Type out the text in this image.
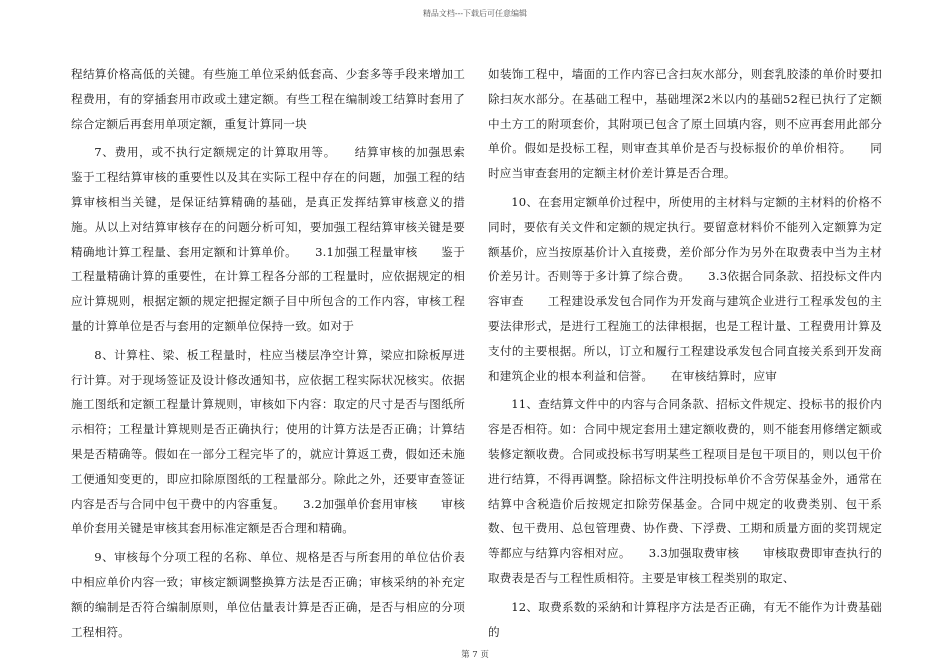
精品文档---下载后可任意编辑

程结算价格高低的关键。有些施工单位采納低套高、少套多等手段来增加工程费用，有的穿插套用市政或土建定额。有些工程在编制竣工结算时套用了综合定额后再套用单项定额，重复计算同一块

7、费用，或不执行定额规定的计算取用等。　　结算审核的加强思索　　鉴于工程结算审核的重要性以及其在实际工程中存在的问题，加强工程的结算审核相当关键，是保证结算精确的基础，是真正发挥结算审核意义的措施。从以上对结算审核存在的问题分析可知，要加强工程结算审核关键是要精确地计算工程量、套用定额和计算单价。　　3.1加强工程量审核　　鉴于工程量精确计算的重要性，在计算工程各分部的工程量时，应依据规定的相应计算规则，根据定额的规定把握定额子目中所包含的工作内容，审核工程量的计算单位是否与套用的定额单位保持一致。如对于

8、计算柱、梁、板工程量时，柱应当楼层净空计算，梁应扣除板厚进行计算。对于现场签证及设计修改通知书，应依据工程实际状况核实。依据施工图纸和定额工程量计算规则，审核如下内容：取定的尺寸是否与图纸所示相符；工程量计算规则是否正确执行；使用的计算方法是否正确；计算结果是否精确等。假如在一部分工程完毕了的，就应计算返工费，假如还未施工便通知变更的，即应扣除原图纸的工程量部分。除此之外，还要审查签证内容是否与合同中包干费中的内容重复。　　3.2加强单价套用审核　　审核单价套用关键是审核其套用标准定额是否合理和精确。

9、审核每个分项工程的名称、单位、规格是否与所套用的单位估价表中相应单价内容一致；审核定额调整换算方法是否正确；审核采纳的补充定额的编制是否符合编制原则，单位估量表计算是否正确，是否与相应的分项工程相符。

如装饰工程中，墙面的工作内容已含扫灰水部分，则套乳胶漆的单价时要扣除扫灰水部分。在基础工程中，基础埋深2米以内的基础52程已执行了定额中土方工的附项套价，其附项已包含了原土回填内容，则不应再套用此部分单价。假如是投标工程，则审查其单价是否与投标报价的单价相符。　　同时应当审查套用的定额主材价差计算是否合理。

10、在套用定额单价过程中，所使用的主材料与定额的主材料的价格不同时，要依有关文件和定额的规定执行。要留意材料价不能列入定额算为定额基价，应当按原基价计入直接费，差价部分作为另外在取费表中当为主材价差另计。否则等于多计算了综合费。　　3.3依据合同条款、招投标文件内容审查　　工程建设承发包合同作为开发商与建筑企业进行工程承发包的主要法律形式，是进行工程施工的法律根据，也是工程计量、工程费用计算及支付的主要根据。所以，订立和履行工程建设承发包合同直接关系到开发商和建筑企业的根本利益和信誉。　　在审核结算时，应审

11、查结算文件中的内容与合同条款、招标文件规定、投标书的报价内容是否相符。如：合同中规定套用土建定额收费的，则不能套用修缮定额或装修定额收费。合同或投标书写明某些工程项目是包干项目的，则以包干价进行结算，不得再调整。除招标文件注明投标单价不含劳保基金外，通常在结算中含税造价后按规定扣除劳保基金。合同中规定的收费类别、包干系数、包干费用、总包管理费、协作费、下浮费、工期和质量方面的奖罚规定等都应与结算内容相对应。　　3.3加强取费审核　　审核取费即审查执行的取费表是否与工程性质相符。主要是审核工程类别的取定、

12、取费系数的采納和计算程序方法是否正确，有无不能作为计费基础的

第 7 页
